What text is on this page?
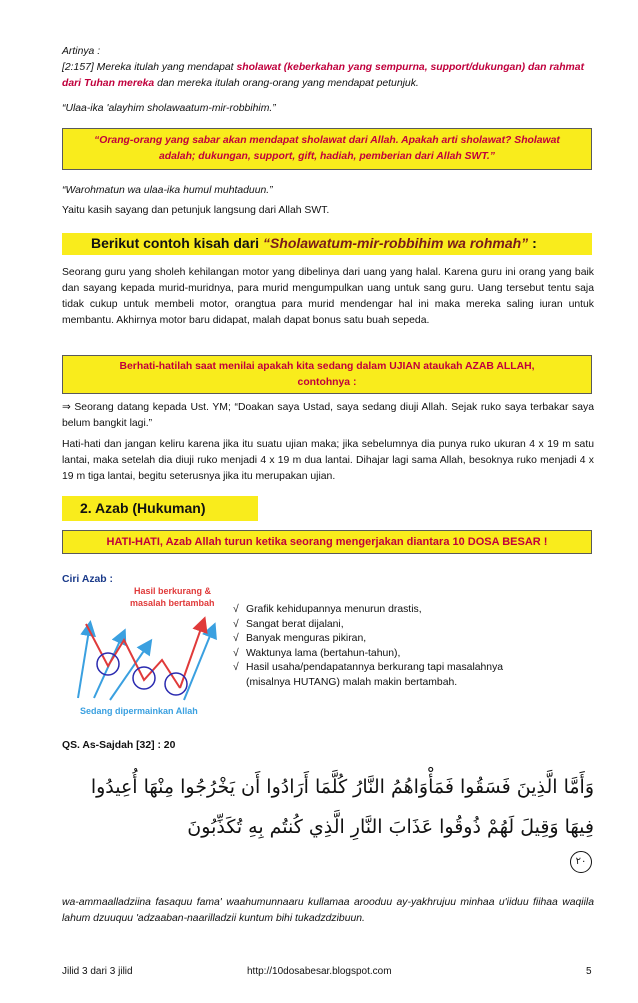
Artinya :

[2:157] Mereka itulah yang mendapat sholawat (keberkahan yang sempurna, support/dukungan) dan rahmat dari Tuhan mereka dan mereka itulah orang-orang yang mendapat petunjuk.

“Ulaa-ika 'alayhim sholawaatum-mir-robbihim.”

“Orang-orang yang sabar akan mendapat sholawat dari Allah. Apakah arti sholawat? Sholawat
adalah; dukungan, support, gift, hadiah, pemberian dari Allah SWT.”

“Warohmatun wa ulaa-ika humul muhtaduun.”

Yaitu kasih sayang dan petunjuk langsung dari Allah SWT.

Berikut contoh kisah dari “Sholawatum-mir-robbihim wa rohmah” :

Seorang guru yang sholeh kehilangan motor yang dibelinya dari uang yang halal. Karena guru ini orang yang baik dan sayang kepada murid-muridnya, para murid mengumpulkan uang untuk sang guru. Uang tersebut tentu saja tidak cukup untuk membeli motor, orangtua para murid mendengar hal ini maka mereka saling iuran untuk membantu. Akhirnya motor baru didapat, malah dapat bonus satu buah sepeda.

Berhati-hatilah saat menilai apakah kita sedang dalam UJIAN ataukah AZAB ALLAH,
contohnya :

⇒ Seorang datang kepada Ust. YM; “Doakan saya Ustad, saya sedang diuji Allah. Sejak ruko saya terbakar saya belum bangkit lagi.”

Hati-hati dan jangan keliru karena jika itu suatu ujian maka; jika sebelumnya dia punya ruko ukuran 4 x 19 m satu lantai, maka setelah dia diuji ruko menjadi 4 x 19 m dua lantai. Dihajar lagi sama Allah, besoknya ruko menjadi 4 x 19 m tiga lantai, begitu seterusnya jika itu merupakan ujian.

2. Azab (Hukuman)
HATI-HATI, Azab Allah turun ketika seorang mengerjakan diantara 10 DOSA BESAR !

Ciri Azab :

Hasil berkurang &
masalah bertambah
Sedang dipermainkan Allah
√ Grafik kehidupannya menurun drastis,
√ Sangat berat dijalani,
√ Banyak menguras pikiran,
√ Waktunya lama (bertahun-tahun),
√ Hasil usaha/pendapatannya berkurang tapi masalahnya
(misalnya HUTANG) malah makin bertambah.

QS. As-Sajdah [32] : 20

وَأَمَّا الَّذِينَ فَسَقُوا فَمَأْوَاهُمُ النَّارُ كُلَّمَا أَرَادُوا أَن يَخْرُجُوا مِنْهَا أُعِيدُوا
فِيهَا وَقِيلَ لَهُمْ ذُوقُوا عَذَابَ النَّارِ الَّذِي كُنتُم بِهِ تُكَذِّبُونَ
٢٠

wa-ammaalladziina fasaquu fama' waahumunnaaru kullamaa arooduu ay-yakhrujuu minhaa u'iiduu fiihaa waqiila lahum dzuuquu 'adzaaban-naarilladzii kuntum bihi tukadzdzibuun.

Jilid 3 dari 3 jilid	http://10dosabesar.blogspot.com	5
